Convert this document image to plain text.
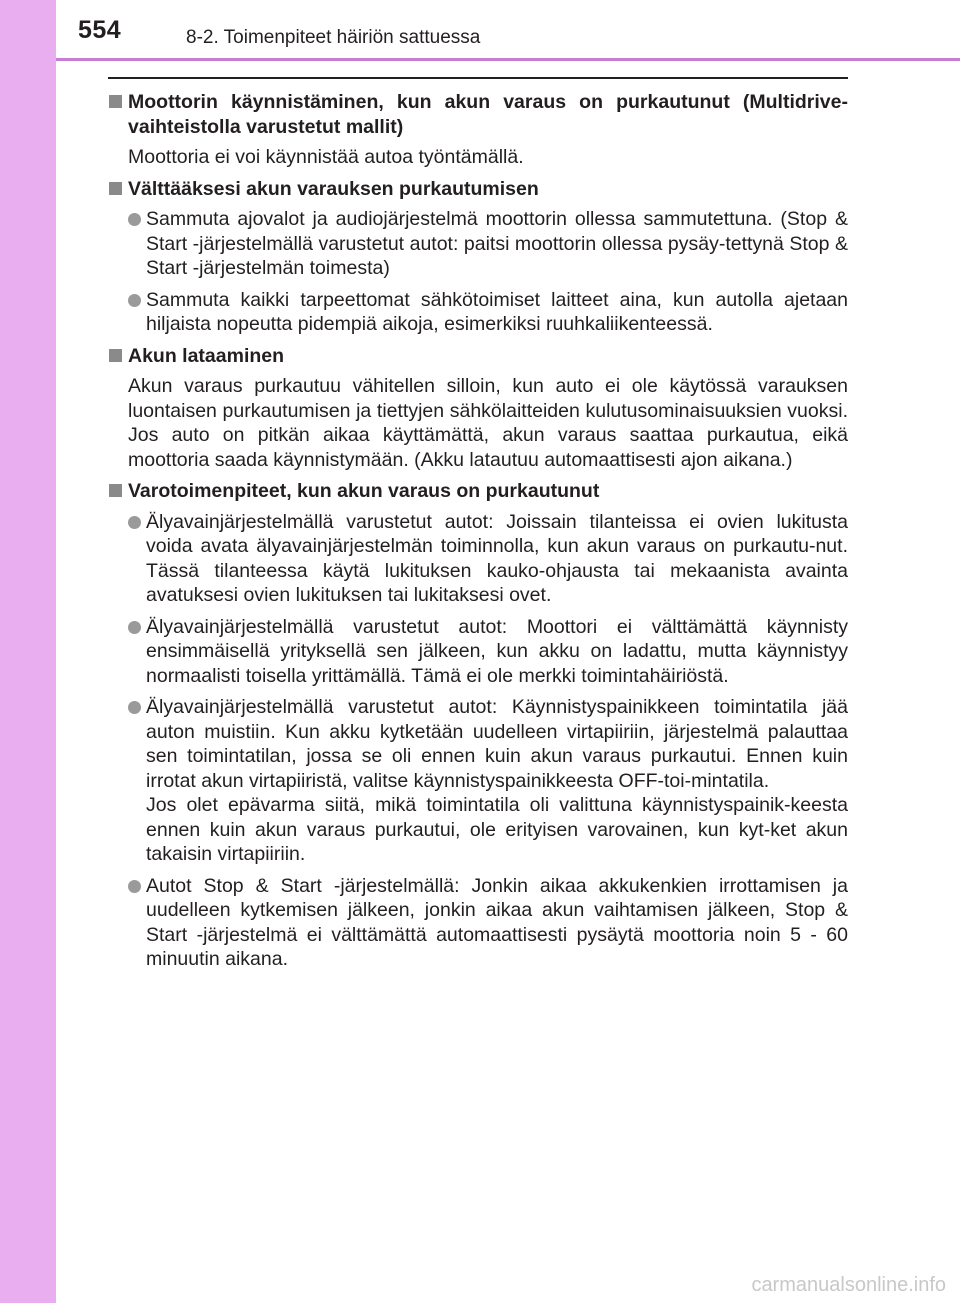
554	8-2. Toimenpiteet häiriön sattuessa
Moottorin käynnistäminen, kun akun varaus on purkautunut (Multidrive-vaihteistolla varustetut mallit)
Moottoria ei voi käynnistää autoa työntämällä.
Välttääksesi akun varauksen purkautumisen

Sammuta ajovalot ja audiojärjestelmä moottorin ollessa sammutettuna. (Stop & Start -järjestelmällä varustetut autot: paitsi moottorin ollessa pysäy-tettynä Stop & Start -järjestelmän toimesta)

Sammuta kaikki tarpeettomat sähkötoimiset laitteet aina, kun autolla ajetaan hiljaista nopeutta pidempiä aikoja, esimerkiksi ruuhkaliikenteessä.

Akun lataaminen
Akun varaus purkautuu vähitellen silloin, kun auto ei ole käytössä varauksen luontaisen purkautumisen ja tiettyjen sähkölaitteiden kulutusominaisuuksien vuoksi. Jos auto on pitkän aikaa käyttämättä, akun varaus saattaa purkautua, eikä moottoria saada käynnistymään. (Akku latautuu automaattisesti ajon aikana.)
Varotoimenpiteet, kun akun varaus on purkautunut

Älyavainjärjestelmällä varustetut autot: Joissain tilanteissa ei ovien lukitusta voida avata älyavainjärjestelmän toiminnolla, kun akun varaus on purkautu-nut. Tässä tilanteessa käytä lukituksen kauko-ohjausta tai mekaanista avainta avatuksesi ovien lukituksen tai lukitaksesi ovet.

Älyavainjärjestelmällä varustetut autot: Moottori ei välttämättä käynnisty ensimmäisellä yrityksellä sen jälkeen, kun akku on ladattu, mutta käynnistyy normaalisti toisella yrittämällä. Tämä ei ole merkki toimintahäiriöstä.

Älyavainjärjestelmällä varustetut autot: Käynnistyspainikkeen toimintatila jää auton muistiin. Kun akku kytketään uudelleen virtapiiriin, järjestelmä palauttaa sen toimintatilan, jossa se oli ennen kuin akun varaus purkautui. Ennen kuin irrotat akun virtapiiristä, valitse käynnistyspainikkeesta OFF-toi-mintatila.

Jos olet epävarma siitä, mikä toimintatila oli valittuna käynnistyspainik-keesta ennen kuin akun varaus purkautui, ole erityisen varovainen, kun kyt-ket akun takaisin virtapiiriin.

Autot Stop & Start -järjestelmällä: Jonkin aikaa akkukenkien irrottamisen ja uudelleen kytkemisen jälkeen, jonkin aikaa akun vaihtamisen jälkeen, Stop & Start -järjestelmä ei välttämättä automaattisesti pysäytä moottoria noin 5 - 60 minuutin aikana.

carmanualsonline.info
